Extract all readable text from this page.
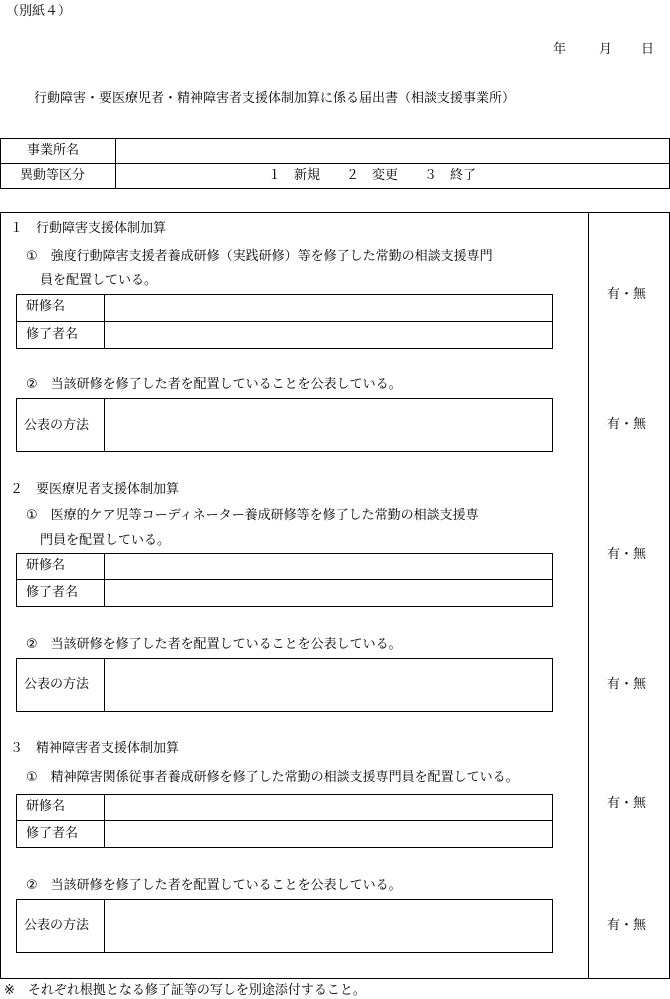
（別紙４）
年	月 日
行動障害・要医療児者・精神障害者支援体制加算に係る届出書（相談支援事業所）
事業所名
異動等区分	１　新規　　２　変更　　３　終了
１　行動障害支援体制加算
①　強度行動障害支援者養成研修（実践研修）等を修了した常勤の相談支援専門
員を配置している。
研修名
修了者名
②　当該研修を修了した者を配置していることを公表している。
公表の方法
有・無
有・無
２　要医療児者支援体制加算
①　医療的ケア児等コーディネーター養成研修等を修了した常勤の相談支援専
門員を配置している。
研修名
修了者名
②　当該研修を修了した者を配置していることを公表している。
公表の方法
有・無
有・無
３　精神障害者支援体制加算
①　精神障害関係従事者養成研修を修了した常勤の相談支援専門員を配置している。
研修名
修了者名
②　当該研修を修了した者を配置していることを公表している。
公表の方法
有・無
有・無
※　それぞれ根拠となる修了証等の写しを別途添付すること。
